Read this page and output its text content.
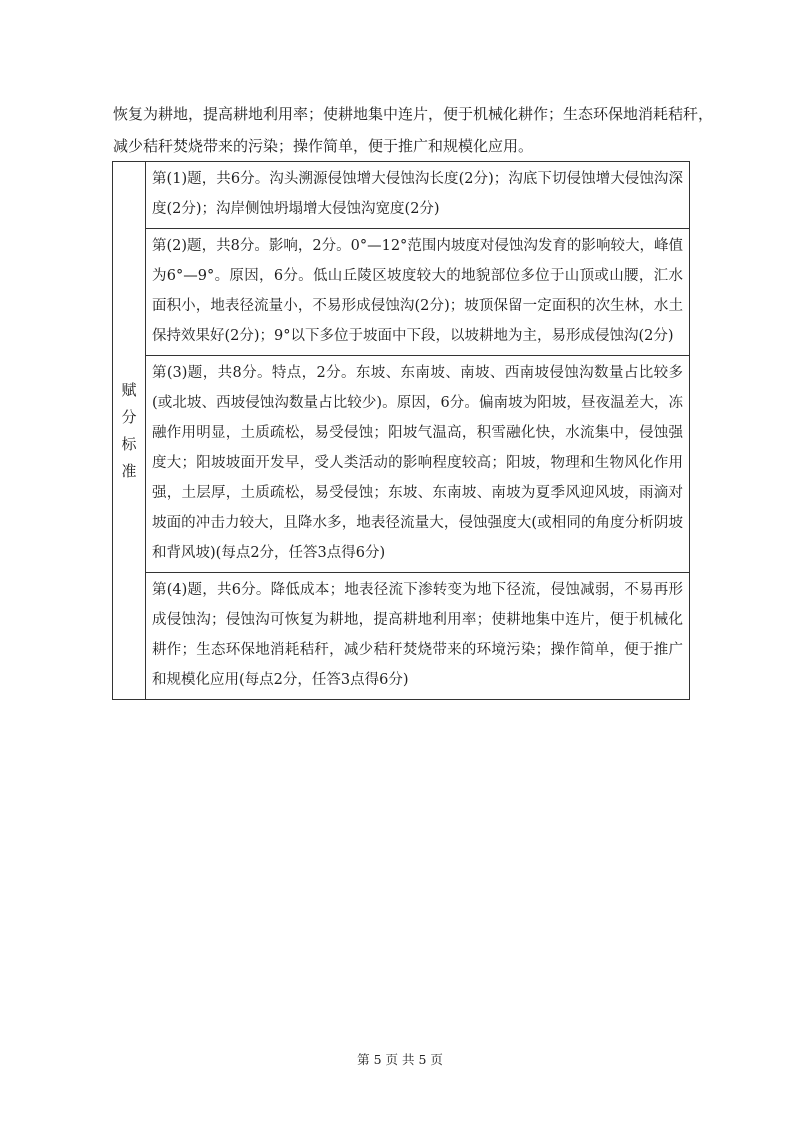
恢复为耕地，提高耕地利用率；使耕地集中连片，便于机械化耕作；生态环保地消耗秸秆，

减少秸秆焚烧带来的污染；操作简单，便于推广和规模化应用。

赋
分
标
准
	第(1)题，共6分。沟头溯源侵蚀增大侵蚀沟长度(2分)；沟底下切侵蚀增大侵蚀沟深度(2分)；沟岸侧蚀坍塌增大侵蚀沟宽度(2分)
第(2)题，共8分。影响，2分。0°—12°范围内坡度对侵蚀沟发育的影响较大，峰值为6°—9°。原因，6分。低山丘陵区坡度较大的地貌部位多位于山顶或山腰，汇水面积小，地表径流量小，不易形成侵蚀沟(2分)；坡顶保留一定面积的次生林，水土保持效果好(2分)；9°以下多位于坡面中下段，以坡耕地为主，易形成侵蚀沟(2分)
第(3)题，共8分。特点，2分。东坡、东南坡、南坡、西南坡侵蚀沟数量占比较多(或北坡、西坡侵蚀沟数量占比较少)。原因，6分。偏南坡为阳坡，昼夜温差大，冻融作用明显，土质疏松，易受侵蚀；阳坡气温高，积雪融化快，水流集中，侵蚀强度大；阳坡坡面开发早，受人类活动的影响程度较高；阳坡，物理和生物风化作用强，土层厚，土质疏松，易受侵蚀；东坡、东南坡、南坡为夏季风迎风坡，雨滴对坡面的冲击力较大，且降水多，地表径流量大，侵蚀强度大(或相同的角度分析阴坡和背风坡)(每点2分，任答3点得6分)
第(4)题，共6分。降低成本；地表径流下渗转变为地下径流，侵蚀减弱，不易再形成侵蚀沟；侵蚀沟可恢复为耕地，提高耕地利用率；使耕地集中连片，便于机械化耕作；生态环保地消耗秸秆，减少秸秆焚烧带来的环境污染；操作简单，便于推广和规模化应用(每点2分，任答3点得6分)
第 5 页 共 5 页
